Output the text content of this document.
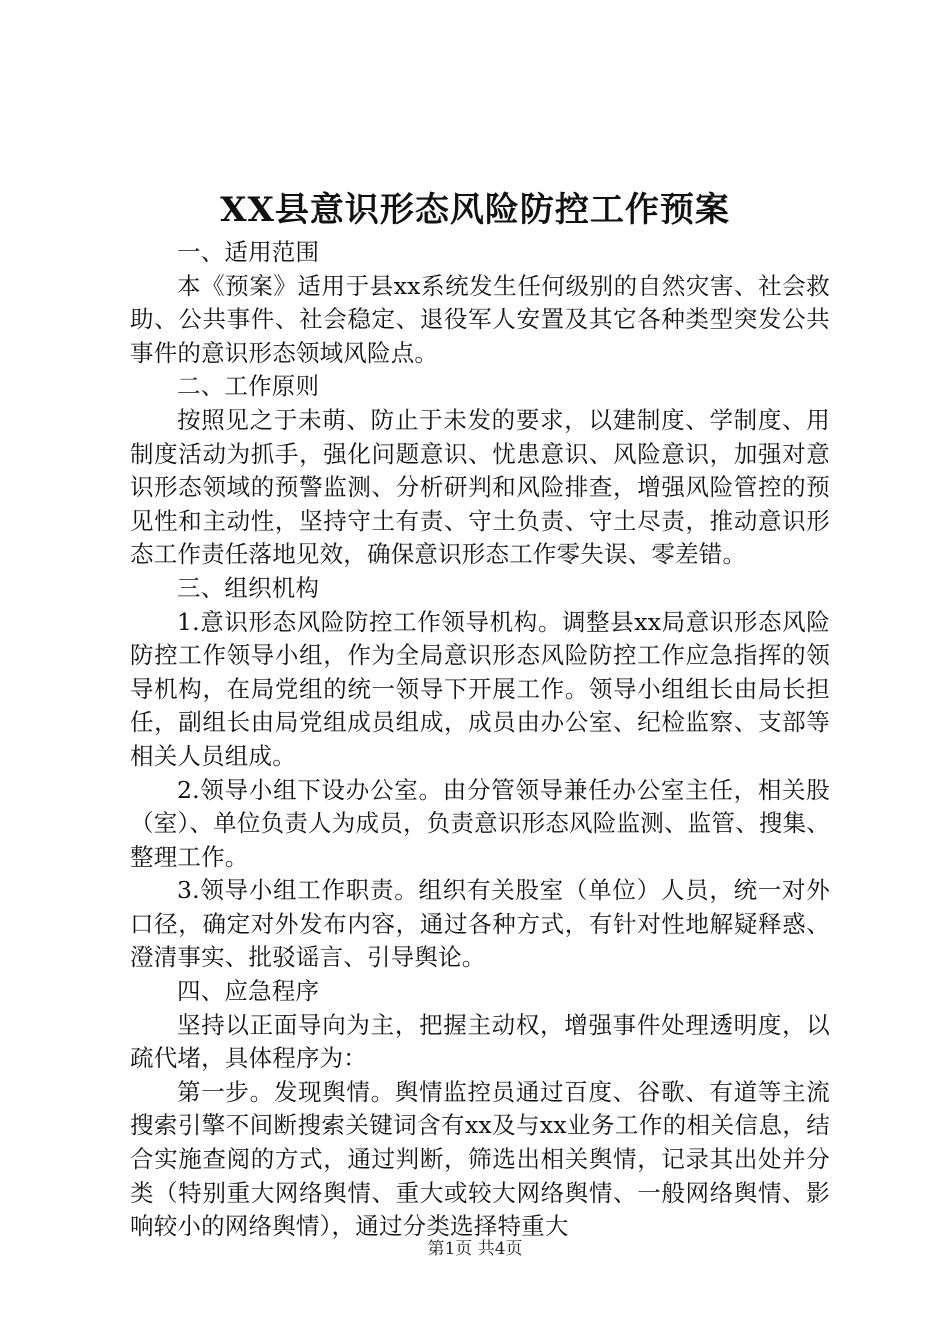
XX县意识形态风险防控工作预案

一、适用范围

本《预案》适用于县xx系统发生任何级别的自然灾害、社会救助、公共事件、社会稳定、退役军人安置及其它各种类型突发公共事件的意识形态领域风险点。

二、工作原则

按照见之于未萌、防止于未发的要求，以建制度、学制度、用制度活动为抓手，强化问题意识、忧患意识、风险意识，加强对意识形态领域的预警监测、分析研判和风险排查，增强风险管控的预见性和主动性，坚持守土有责、守土负责、守土尽责，推动意识形态工作责任落地见效，确保意识形态工作零失误、零差错。

三、组织机构

1.意识形态风险防控工作领导机构。调整县xx局意识形态风险防控工作领导小组，作为全局意识形态风险防控工作应急指挥的领导机构，在局党组的统一领导下开展工作。领导小组组长由局长担任，副组长由局党组成员组成，成员由办公室、纪检监察、支部等相关人员组成。

2.领导小组下设办公室。由分管领导兼任办公室主任，相关股（室）、单位负责人为成员，负责意识形态风险监测、监管、搜集、整理工作。

3.领导小组工作职责。组织有关股室（单位）人员，统一对外口径，确定对外发布内容，通过各种方式，有针对性地解疑释惑、澄清事实、批驳谣言、引导舆论。

四、应急程序

坚持以正面导向为主，把握主动权，增强事件处理透明度，以疏代堵，具体程序为：

第一步。发现舆情。舆情监控员通过百度、谷歌、有道等主流搜索引擎不间断搜索关键词含有xx及与xx业务工作的相关信息，结合实施查阅的方式，通过判断，筛选出相关舆情，记录其出处并分类（特别重大网络舆情、重大或较大网络舆情、一般网络舆情、影响较小的网络舆情），通过分类选择特重大

第1页 共4页
